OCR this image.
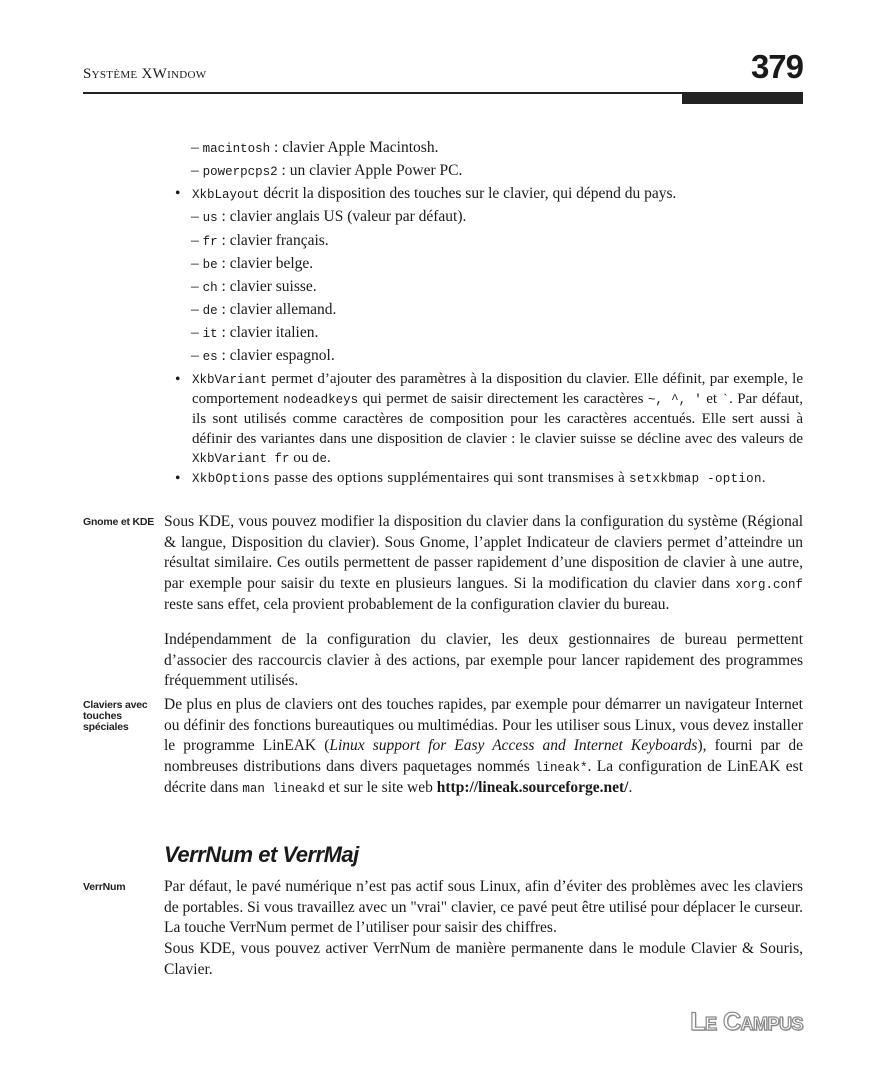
Système XWindow	379
– macintosh : clavier Apple Macintosh.
– powerpcps2 : un clavier Apple Power PC.
• XkbLayout décrit la disposition des touches sur le clavier, qui dépend du pays.
– us : clavier anglais US (valeur par défaut).
– fr : clavier français.
– be : clavier belge.
– ch : clavier suisse.
– de : clavier allemand.
– it : clavier italien.
– es : clavier espagnol.
• XkbVariant permet d’ajouter des paramètres à la disposition du clavier. Elle définit, par exemple, le comportement nodeadkeys qui permet de saisir directement les caractères ~, ^, ' et `. Par défaut, ils sont utilisés comme caractères de composition pour les caractères accentués. Elle sert aussi à définir des variantes dans une disposition de clavier : le clavier suisse se décline avec des valeurs de XkbVariant fr ou de.
• XkbOptions passe des options supplémentaires qui sont transmises à setxkbmap -option.
Gnome et KDE Sous KDE, vous pouvez modifier la disposition du clavier dans la configuration du système (Régional & langue, Disposition du clavier). Sous Gnome, l’applet Indicateur de claviers permet d’atteindre un résultat similaire. Ces outils permettent de passer rapidement d’une disposition de clavier à une autre, par exemple pour saisir du texte en plusieurs langues. Si la modification du clavier dans xorg.conf reste sans effet, cela provient probablement de la configuration clavier du bureau.
Indépendamment de la configuration du clavier, les deux gestionnaires de bureau permettent d’associer des raccourcis clavier à des actions, par exemple pour lancer rapidement des programmes fréquemment utilisés.
Claviers avec touches spéciales
De plus en plus de claviers ont des touches rapides, par exemple pour démarrer un navigateur Internet ou définir des fonctions bureautiques ou multimédias. Pour les utiliser sous Linux, vous devez installer le programme LinEAK (Linux support for Easy Access and Internet Keyboards), fourni par de nombreuses distributions dans divers paquetages nommés lineak*. La configuration de LinEAK est décrite dans man lineakd et sur le site web http://lineak.sourceforge.net/.
VerrNum et VerrMaj
VerrNum	Par défaut, le pavé numérique n’est pas actif sous Linux, afin d’éviter des problèmes avec les claviers de portables. Si vous travaillez avec un "vrai" clavier, ce pavé peut être utilisé pour déplacer le curseur. La touche VerrNum permet de l’utiliser pour saisir des chiffres.
Sous KDE, vous pouvez activer VerrNum de manière permanente dans le module Clavier & Souris, Clavier.
Le Campus
